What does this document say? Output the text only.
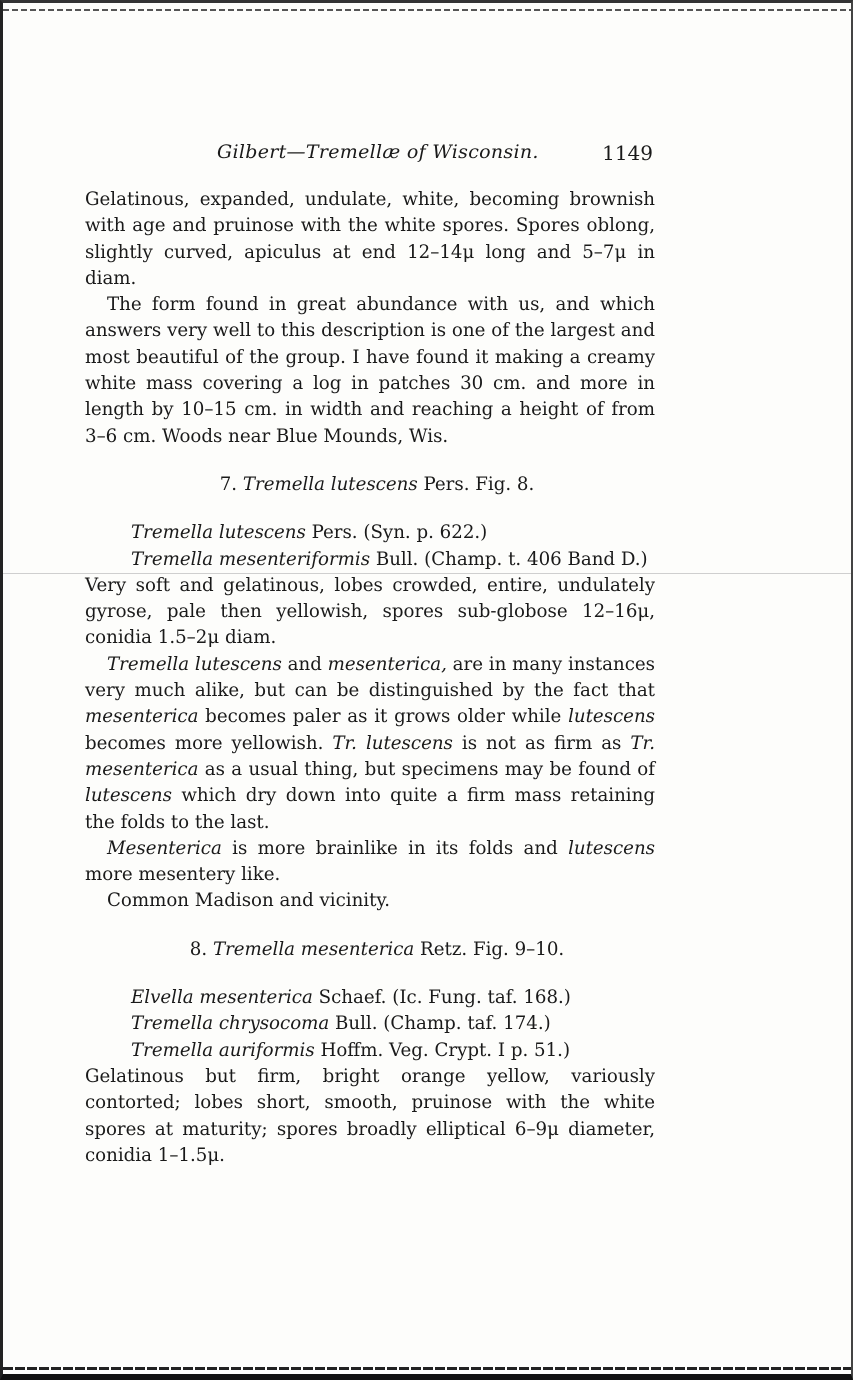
Gilbert—Tremellæ of Wisconsin.	1149

Gelatinous, expanded, undulate, white, becoming brownish with age and pruinose with the white spores. Spores oblong, slightly curved, apiculus at end 12–14μ long and 5–7μ in diam.

The form found in great abundance with us, and which answers very well to this description is one of the largest and most beautiful of the group. I have found it making a creamy white mass covering a log in patches 30 cm. and more in length by 10–15 cm. in width and reaching a height of from 3–6 cm. Woods near Blue Mounds, Wis.

7. Tremella lutescens Pers. Fig. 8.

Tremella lutescens Pers. (Syn. p. 622.)

Tremella mesenteriformis Bull. (Champ. t. 406 Band D.)

Very soft and gelatinous, lobes crowded, entire, undulately gyrose, pale then yellowish, spores sub-globose 12–16μ, conidia 1.5–2μ diam.

Tremella lutescens and mesenterica, are in many instances very much alike, but can be distinguished by the fact that mesenterica becomes paler as it grows older while lutescens becomes more yellowish. Tr. lutescens is not as firm as Tr. mesenterica as a usual thing, but specimens may be found of lutescens which dry down into quite a firm mass retaining the folds to the last.

Mesenterica is more brainlike in its folds and lutescens more mesentery like.

Common Madison and vicinity.

8. Tremella mesenterica Retz. Fig. 9–10.

Elvella mesenterica Schaef. (Ic. Fung. taf. 168.)

Tremella chrysocoma Bull. (Champ. taf. 174.)

Tremella auriformis Hoffm. Veg. Crypt. I p. 51.)

Gelatinous but firm, bright orange yellow, variously contorted; lobes short, smooth, pruinose with the white spores at maturity; spores broadly elliptical 6–9μ diameter, conidia 1–1.5μ.
